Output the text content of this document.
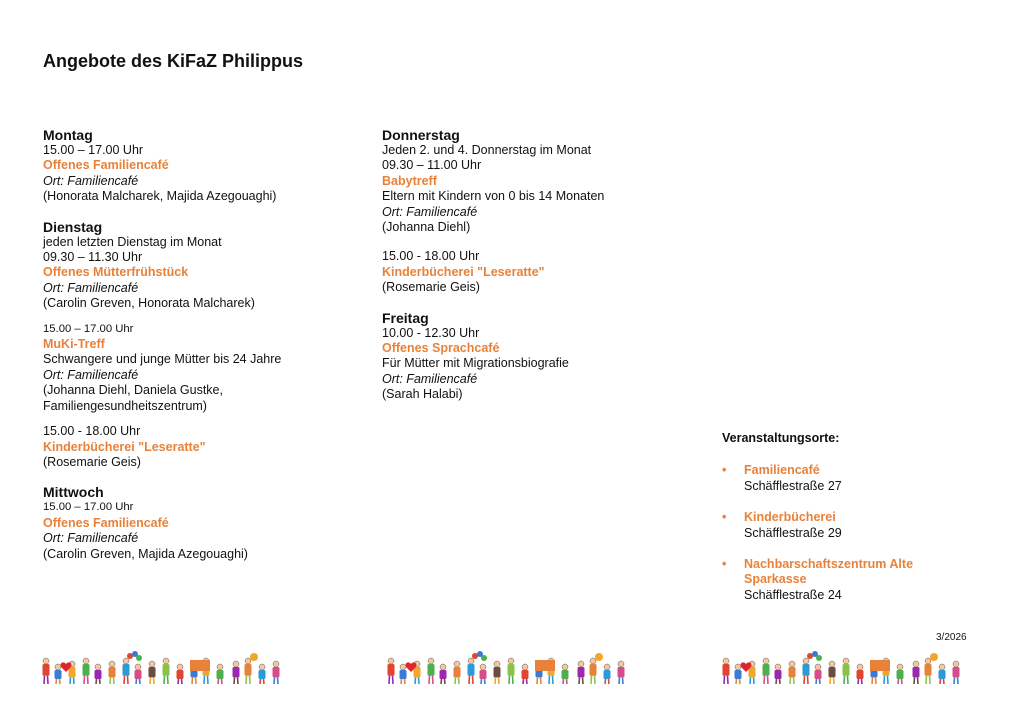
Angebote des KiFaZ Philippus

Montag

15.00 – 17.00 Uhr
Offenes Familiencafé
Ort: Familiencafé
(Honorata Malcharek, Majida Azegouaghi)

Dienstag

jeden letzten Dienstag im Monat
09.30 – 11.30 Uhr
Offenes Mütterfrühstück
Ort: Familiencafé
(Carolin Greven, Honorata Malcharek)
15.00 – 17.00 Uhr
MuKi-Treff
Schwangere und junge Mütter bis 24 Jahre
Ort: Familiencafé
(Johanna Diehl, Daniela Gustke,
Familiengesundheitszentrum)
15.00 - 18.00 Uhr
Kinderbücherei "Leseratte"
(Rosemarie Geis)

Mittwoch

15.00 – 17.00 Uhr
Offenes Familiencafé
Ort: Familiencafé
(Carolin Greven, Majida Azegouaghi)

Donnerstag

Jeden 2. und 4. Donnerstag im Monat
09.30 – 11.00 Uhr
Babytreff
Eltern mit Kindern von 0 bis 14 Monaten
Ort: Familiencafé
(Johanna Diehl)
15.00 - 18.00 Uhr
Kinderbücherei "Leseratte"
(Rosemarie Geis)

Freitag

10.00 - 12.30 Uhr
Offenes Sprachcafé
Für Mütter mit Migrationsbiografie
Ort: Familiencafé
(Sarah Halabi)

Veranstaltungsorte:

• Familiencafé
Schäfflestraße 27
• Kinderbücherei
Schäfflestraße 29
• Nachbarschaftszentrum Alte
Sparkasse
Schäfflestraße 24
3/2026
